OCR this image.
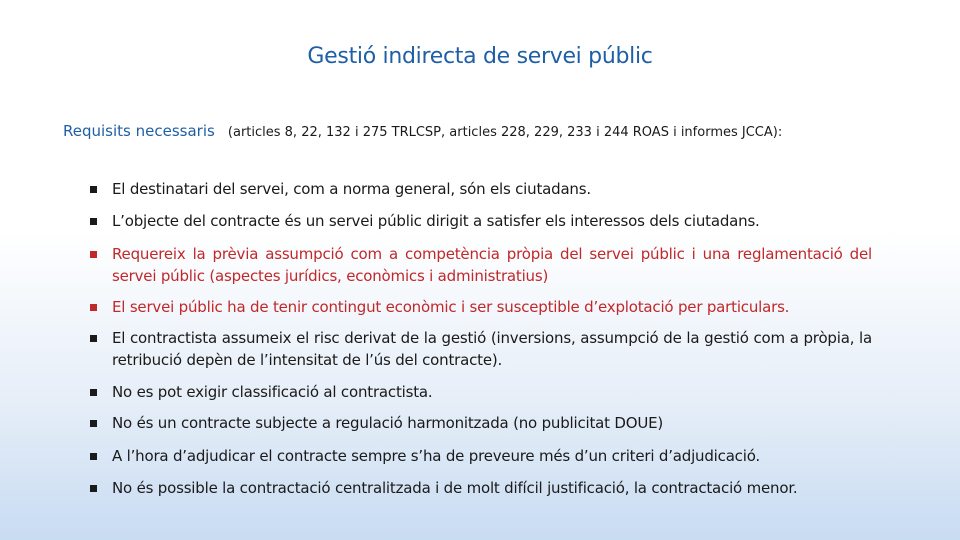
Gestió indirecta de servei públic

Requisits necessaris (articles 8, 22, 132 i 275 TRLCSP, articles 228, 229, 233 i 244 ROAS i informes JCCA):

El destinatari del servei, com a norma general, són els ciutadans.
L’objecte del contracte és un servei públic dirigit a satisfer els interessos dels ciutadans.
Requereix la prèvia assumpció com a competència pròpia del servei públic i una reglamentació del servei públic (aspectes jurídics, econòmics i administratius)
El servei públic ha de tenir contingut econòmic i ser susceptible d’explotació per particulars.
El contractista assumeix el risc derivat de la gestió (inversions, assumpció de la gestió com a pròpia, la retribució depèn de l’intensitat de l’ús del contracte).
No es pot exigir classificació al contractista.
No és un contracte subjecte a regulació harmonitzada (no publicitat DOUE)
A l’hora d’adjudicar el contracte sempre s’ha de preveure més d’un criteri d’adjudicació.
No és possible la contractació centralitzada i de molt difícil justificació, la contractació menor.
